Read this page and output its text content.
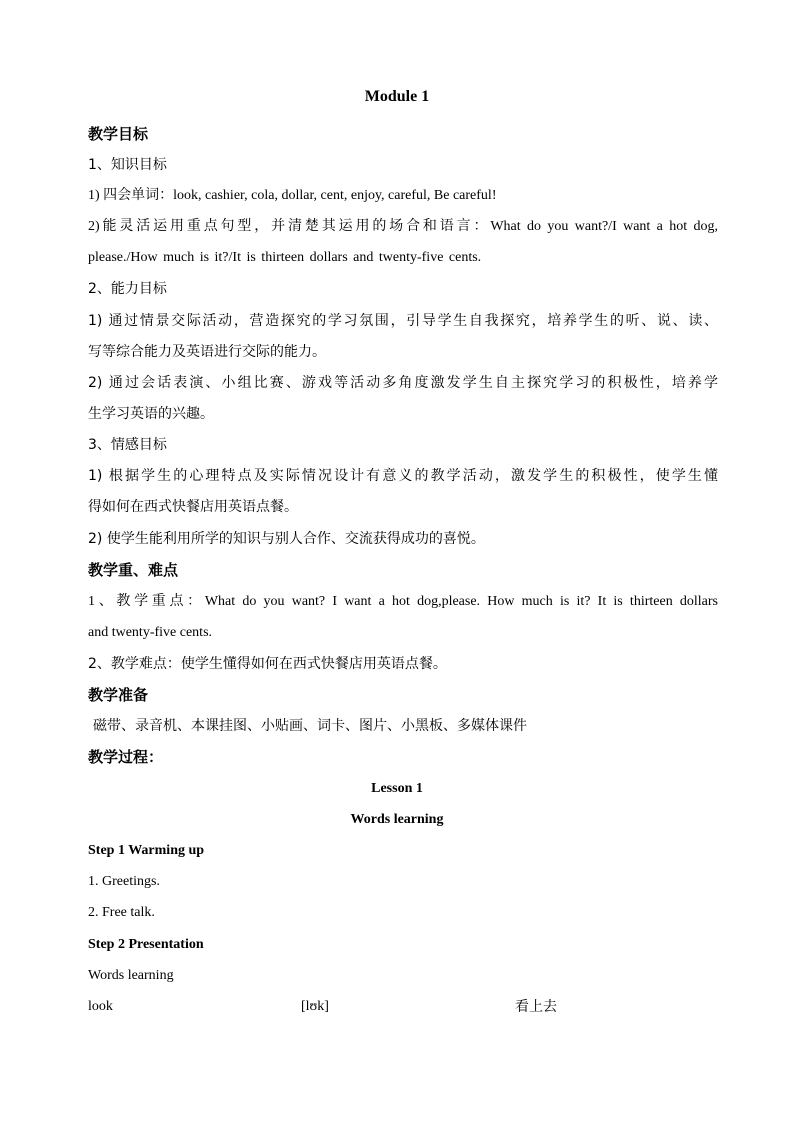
Module 1
教学目标
1、知识目标
1) 四会单词：look, cashier, cola, dollar, cent, enjoy, careful, Be careful!
2)能灵活运用重点句型，并清楚其运用的场合和语言：What do you want?/I want a hot dog,
please./How much is it?/It is thirteen dollars and twenty-five cents.
2、能力目标
1) 通过情景交际活动，营造探究的学习氛围，引导学生自我探究，培养学生的听、说、读、
写等综合能力及英语进行交际的能力。
2) 通过会话表演、小组比赛、游戏等活动多角度激发学生自主探究学习的积极性，培养学
生学习英语的兴趣。
3、情感目标
1) 根据学生的心理特点及实际情况设计有意义的教学活动，激发学生的积极性，使学生懂
得如何在西式快餐店用英语点餐。
2) 使学生能利用所学的知识与别人合作、交流获得成功的喜悦。
教学重、难点
1、教学重点：What do you want? I want a hot dog,please. How much is it? It is thirteen dollars
and twenty-five cents.
2、教学难点：使学生懂得如何在西式快餐店用英语点餐。
教学准备
磁带、录音机、本课挂图、小贴画、词卡、图片、小黑板、多媒体课件
教学过程：
Lesson 1
Words learning
Step 1 Warming up
1. Greetings.
2. Free talk.
Step 2 Presentation
Words learning
look	[lʊk]	看上去
